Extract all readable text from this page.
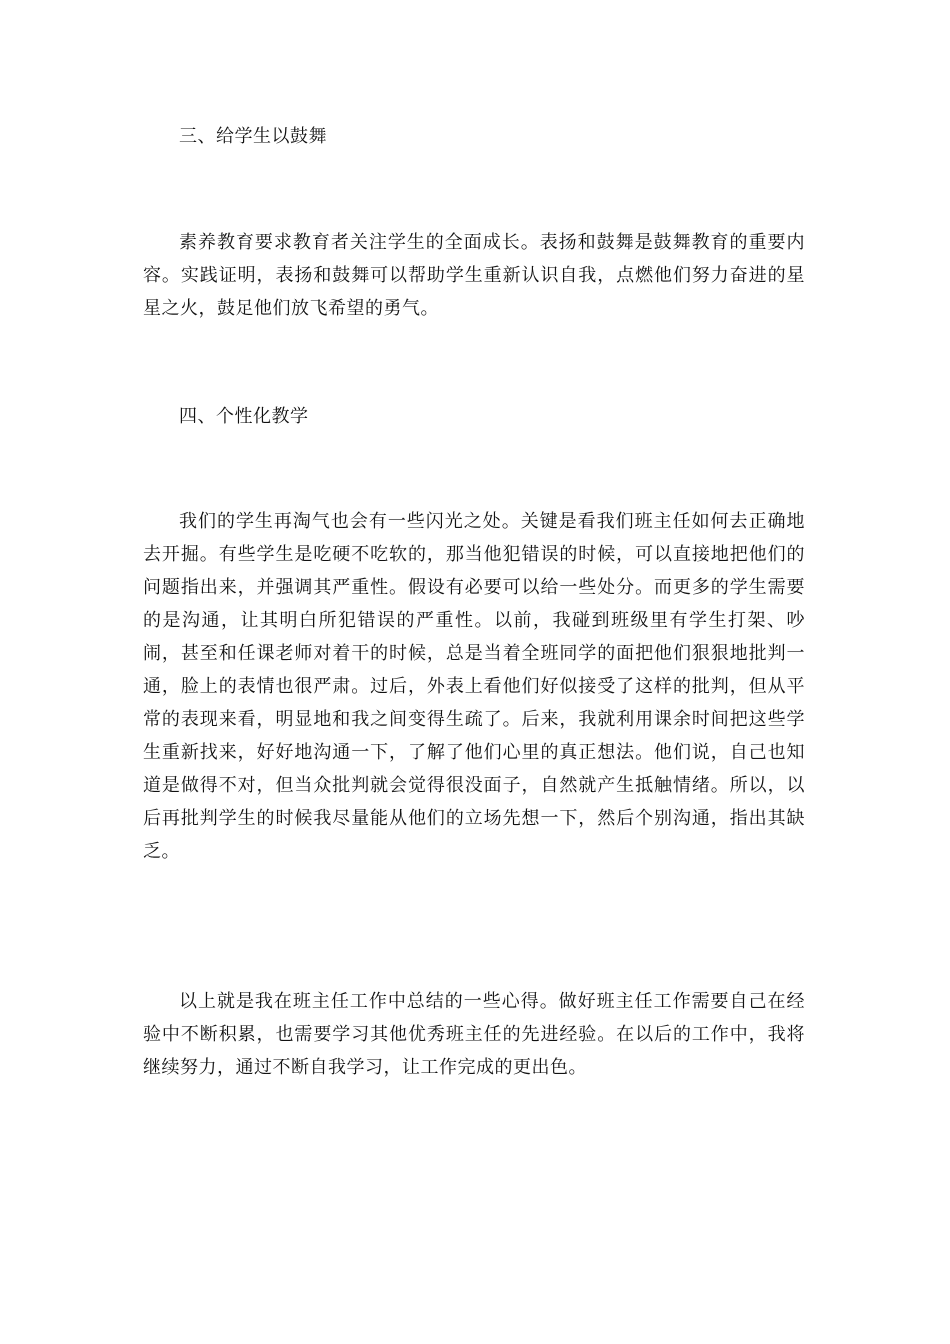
三、给学生以鼓舞

素养教育要求教育者关注学生的全面成长。表扬和鼓舞是鼓舞教育的重要内容。实践证明，表扬和鼓舞可以帮助学生重新认识自我，点燃他们努力奋进的星星之火，鼓足他们放飞希望的勇气。

四、个性化教学

我们的学生再淘气也会有一些闪光之处。关键是看我们班主任如何去正确地去开掘。有些学生是吃硬不吃软的，那当他犯错误的时候，可以直接地把他们的问题指出来，并强调其严重性。假设有必要可以给一些处分。而更多的学生需要的是沟通，让其明白所犯错误的严重性。以前，我碰到班级里有学生打架、吵闹，甚至和任课老师对着干的时候，总是当着全班同学的面把他们狠狠地批判一通，脸上的表情也很严肃。过后，外表上看他们好似接受了这样的批判，但从平常的表现来看，明显地和我之间变得生疏了。后来，我就利用课余时间把这些学生重新找来，好好地沟通一下，了解了他们心里的真正想法。他们说，自己也知道是做得不对，但当众批判就会觉得很没面子，自然就产生抵触情绪。所以，以后再批判学生的时候我尽量能从他们的立场先想一下，然后个别沟通，指出其缺乏。

以上就是我在班主任工作中总结的一些心得。做好班主任工作需要自己在经验中不断积累，也需要学习其他优秀班主任的先进经验。在以后的工作中，我将继续努力，通过不断自我学习，让工作完成的更出色。
